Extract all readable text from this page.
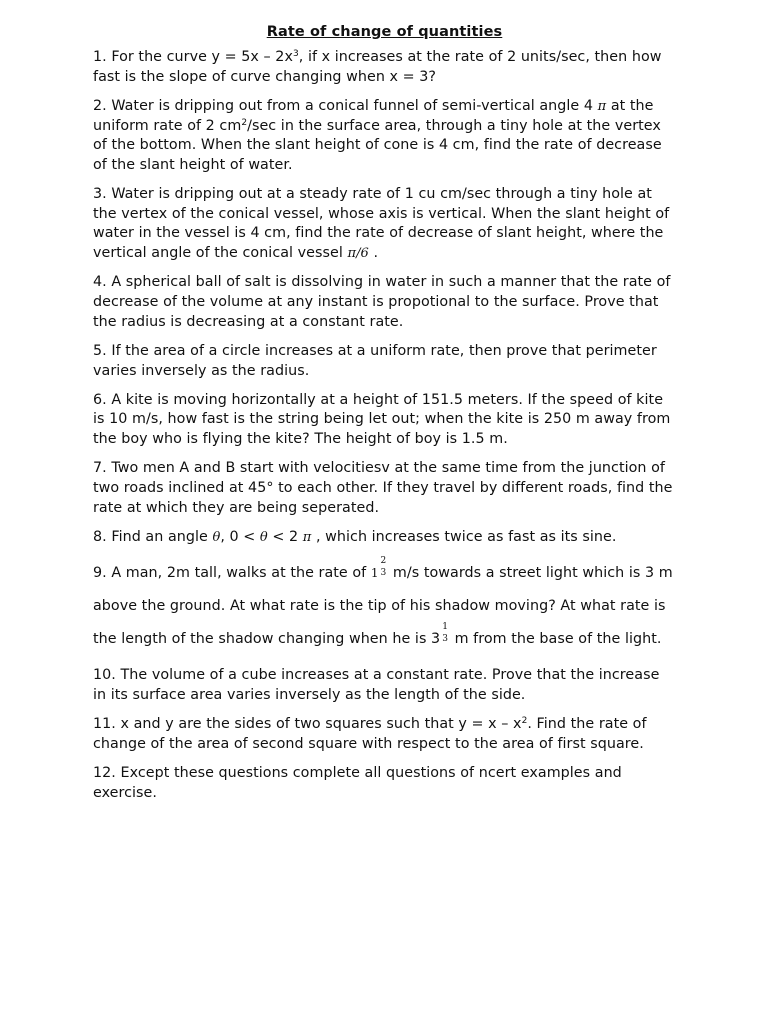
Rate of change of quantities

1. For the curve $y = 5x - 2x^3$, if x increases at the rate of 2 units/sec, then how fast is the slope of curve changing when x = 3?

2. Water is dripping out from a conical funnel of semi-vertical angle 4 π at the uniform rate of 2 $cm^2/\sec$ in the surface area, through a tiny hole at the vertex of the bottom. When the slant height of cone is 4 cm, find the rate of decrease of the slant height of water.

3. Water is dripping out at a steady rate of 1 cu cm/sec through a tiny hole at the vertex of the conical vessel, whose axis is vertical. When the slant height of water in the vessel is 4 cm, find the rate of decrease of slant height, where the vertical angle of the conical vessel π/6 .

4. A spherical ball of salt is dissolving in water in such a manner that the rate of decrease of the volume at any instant is propotional to the surface. Prove that the radius is decreasing at a constant rate.

5. If the area of a circle increases at a uniform rate, then prove that perimeter varies inversely as the radius.

6. A kite is moving horizontally at a height of 151.5 meters. If the speed of kite is 10 m/s, how fast is the string being let out; when the kite is 250 m away from the boy who is flying the kite? The height of boy is 1.5 m.

7. Two men A and B start with velocitiesv at the same time from the junction of two roads inclined at 45° to each other. If they travel by different roads, find the rate at which they are being seperated.

8. Find an angle θ, 0 < θ < 2 π , which increases twice as fast as its sine.

9. A man, 2m tall, walks at the rate of 1
2
3 m/s towards a street light which is 3 m above the ground. At what rate is the tip of his shadow moving? At what rate is the length of the shadow changing when he is 3
1
3 m from the base of the light.

10. The volume of a cube increases at a constant rate. Prove that the increase in its surface area varies inversely as the length of the side.

11. x and y are the sides of two squares such that $y = x - x^2$. Find the rate of change of the area of second square with respect to the area of first square.

12. Except these questions complete all questions of ncert examples and exercise.
